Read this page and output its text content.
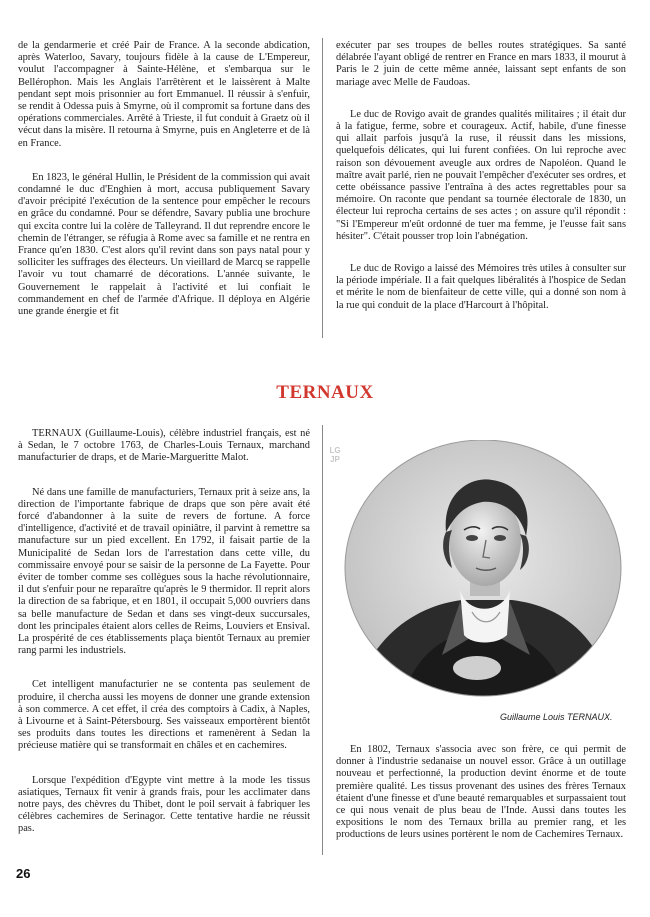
de la gendarmerie et créé Pair de France. A la seconde abdication, après Waterloo, Savary, toujours fidèle à la cause de L'Empereur, voulut l'accompagner à Sainte-Hélène, et s'embarqua sur le Bellérophon. Mais les Anglais l'arrêtèrent et le laissèrent à Malte pendant sept mois prisonnier au fort Emmanuel. Il réussir à s'enfuir, se rendit à Odessa puis à Smyrne, où il compromit sa fortune dans des opérations commerciales. Arrêté à Trieste, il fut conduit à Graetz où il vécut dans la misère. Il retourna à Smyrne, puis en Angleterre et de là en France.

En 1823, le général Hullin, le Président de la commission qui avait condamné le duc d'Enghien à mort, accusa publiquement Savary d'avoir précipité l'exécution de la sentence pour empêcher le recours en grâce du condamné. Pour se défendre, Savary publia une brochure qui excita contre lui la colère de Talleyrand. Il dut reprendre encore le chemin de l'étranger, se réfugia à Rome avec sa famille et ne rentra en France qu'en 1830. C'est alors qu'il revint dans son pays natal pour y solliciter les suffrages des électeurs. Un vieillard de Marcq se rappelle l'avoir vu tout chamarré de décorations. L'année suivante, le Gouvernement le rappelait à l'activité et lui confiait le commandement en chef de l'armée d'Afrique. Il déploya en Algérie une grande énergie et fit

exécuter par ses troupes de belles routes stratégiques. Sa santé délabrée l'ayant obligé de rentrer en France en mars 1833, il mourut à Paris le 2 juin de cette même année, laissant sept enfants de son mariage avec Melle de Faudoas.

Le duc de Rovigo avait de grandes qualités militaires ; il était dur à la fatigue, ferme, sobre et courageux. Actif, habile, d'une finesse qui allait parfois jusqu'à la ruse, il réussit dans les missions, quelquefois délicates, qui lui furent confiées. On lui reproche avec raison son dévouement aveugle aux ordres de Napoléon. Quand le maître avait parlé, rien ne pouvait l'empêcher d'exécuter ses ordres, et cette obéissance passive l'entraîna à des actes regrettables pour sa mémoire. On raconte que pendant sa tournée électorale de 1830, un électeur lui reprocha certains de ses actes ; on assure qu'il répondit : "Si l'Empereur m'eût ordonné de tuer ma femme, je l'eusse fait sans hésiter". C'était pousser trop loin l'abnégation.

Le duc de Rovigo a laissé des Mémoires très utiles à consulter sur la période impériale. Il a fait quelques libéralités à l'hospice de Sedan et mérite le nom de bienfaiteur de cette ville, qui a donné son nom à la rue qui conduit de la place d'Harcourt à l'hôpital.

TERNAUX

TERNAUX (Guillaume-Louis), célèbre industriel français, est né à Sedan, le 7 octobre 1763, de Charles-Louis Ternaux, marchand manufacturier de draps, et de Marie-Margueritte Malot.

Né dans une famille de manufacturiers, Ternaux prit à seize ans, la direction de l'importante fabrique de draps que son père avait été forcé d'abandonner à la suite de revers de fortune. A force d'intelligence, d'activité et de travail opiniâtre, il parvint à remettre sa manufacture sur un pied excellent. En 1792, il faisait partie de la Municipalité de Sedan lors de l'arrestation dans cette ville, du commissaire envoyé pour se saisir de la personne de La Fayette. Pour éviter de tomber comme ses collègues sous la hache révolutionnaire, il dut s'enfuir pour ne reparaître qu'après le 9 thermidor. Il reprit alors la direction de sa fabrique, et en 1801, il occupait 5,000 ouvriers dans sa belle manufacture de Sedan et dans ses vingt-deux succursales, dont les principales étaient alors celles de Reims, Louviers et Ensival. La prospérité de ces établissements plaça bientôt Ternaux au premier rang parmi les industriels.

Cet intelligent manufacturier ne se contenta pas seulement de produire, il chercha aussi les moyens de donner une grande extension à son commerce. A cet effet, il créa des comptoirs à Cadix, à Naples, à Livourne et à Saint-Pétersbourg. Ses vaisseaux emportèrent bientôt ses produits dans toutes les directions et ramenèrent à Sedan la précieuse matière qui se transformait en châles et en cachemires.

Lorsque l'expédition d'Egypte vint mettre à la mode les tissus asiatiques, Ternaux fit venir à grands frais, pour les acclimater dans notre pays, des chèvres du Thibet, dont le poil servait à fabriquer les célèbres cachemires de Serinagor. Cette tentative hardie ne réussit pas.

LG JP
Guillaume Louis TERNAUX.

En 1802, Ternaux s'associa avec son frère, ce qui permit de donner à l'industrie sedanaise un nouvel essor. Grâce à un outillage nouveau et perfectionné, la production devint énorme et de toute première qualité. Les tissus provenant des usines des frères Ternaux étaient d'une finesse et d'une beauté remarquables et surpassaient tout ce qui nous venait de plus beau de l'Inde. Aussi dans toutes les expositions le nom des Ternaux brilla au premier rang, et les productions de leurs usines portèrent le nom de Cachemires Ternaux.

26
